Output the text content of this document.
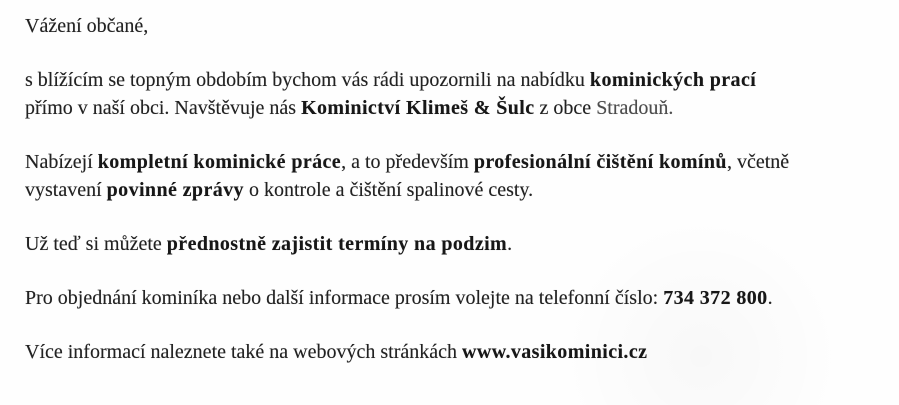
Vážení občané,

s blížícím se topným obdobím bychom vás rádi upozornili na nabídku kominických prací
přímo v naší obci. Navštěvuje nás Kominictví Klimeš & Šulc z obce Stradouň.

Nabízejí kompletní kominické práce, a to především profesionální čištění komínů, včetně
vystavení povinné zprávy o kontrole a čištění spalinové cesty.

Už teď si můžete přednostně zajistit termíny na podzim.

Pro objednání kominíka nebo další informace prosím volejte na telefonní číslo: 734 372 800.

Více informací naleznete také na webových stránkách www.vasikominici.cz
